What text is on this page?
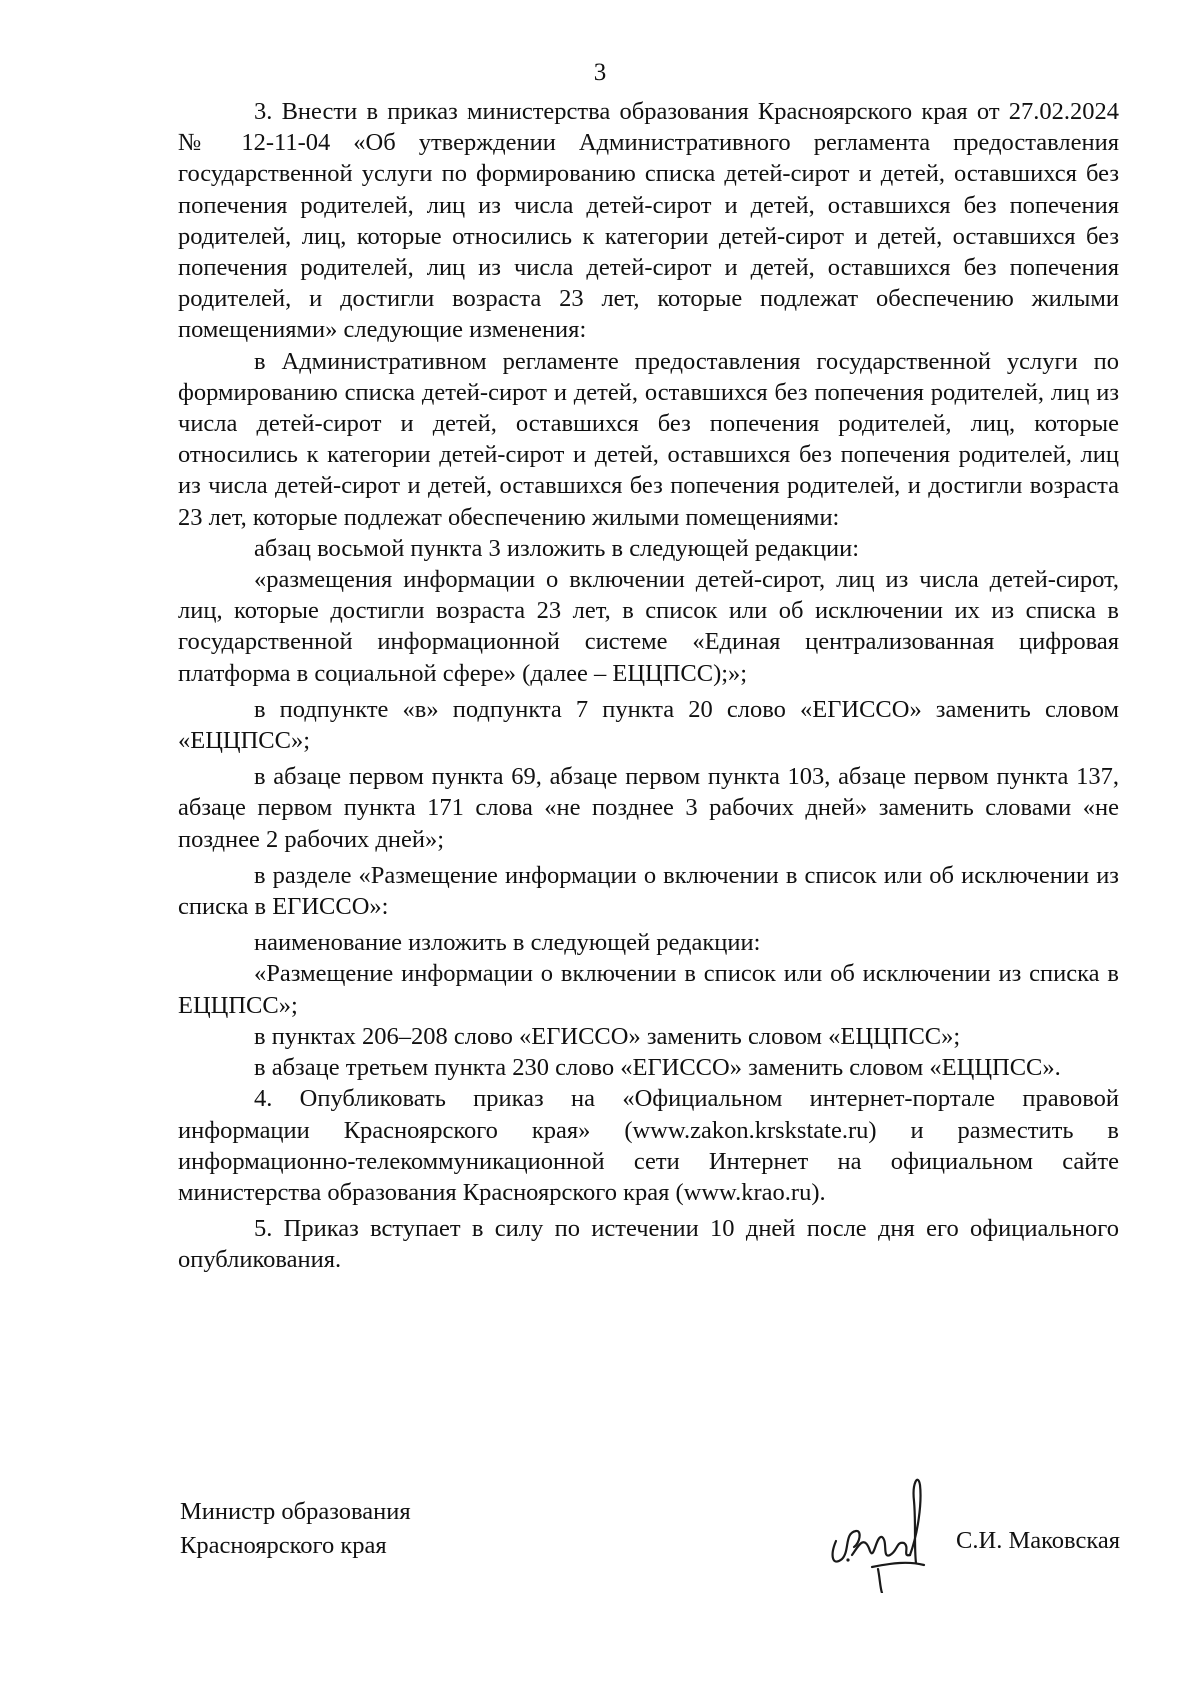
3

3. Внести в приказ министерства образования Красноярского края от 27.02.2024 № 12-11-04 «Об утверждении Административного регламента предоставления государственной услуги по формированию списка детей-сирот и детей, оставшихся без попечения родителей, лиц из числа детей-сирот и детей, оставшихся без попечения родителей, лиц, которые относились к категории детей-сирот и детей, оставшихся без попечения родителей, лиц из числа детей-сирот и детей, оставшихся без попечения родителей, и достигли возраста 23 лет, которые подлежат обеспечению жилыми помещениями» следующие изменения:

в Административном регламенте предоставления государственной услуги по формированию списка детей-сирот и детей, оставшихся без попечения родителей, лиц из числа детей-сирот и детей, оставшихся без попечения родителей, лиц, которые относились к категории детей-сирот и детей, оставшихся без попечения родителей, лиц из числа детей-сирот и детей, оставшихся без попечения родителей, и достигли возраста 23 лет, которые подлежат обеспечению жилыми помещениями:

абзац восьмой пункта 3 изложить в следующей редакции:

«размещения информации о включении детей-сирот, лиц из числа детей-сирот, лиц, которые достигли возраста 23 лет, в список или об исключении их из списка в государственной информационной системе «Единая централизованная цифровая платформа в социальной сфере» (далее – ЕЦЦПСС);»;

в подпункте «в» подпункта 7 пункта 20 слово «ЕГИССО» заменить словом «ЕЦЦПСС»;

в абзаце первом пункта 69, абзаце первом пункта 103, абзаце первом пункта 137, абзаце первом пункта 171 слова «не позднее 3 рабочих дней» заменить словами «не позднее 2 рабочих дней»;

в разделе «Размещение информации о включении в список или об исключении из списка в ЕГИССО»:

наименование изложить в следующей редакции:

«Размещение информации о включении в список или об исключении из списка в ЕЦЦПСС»;

в пунктах 206–208 слово «ЕГИССО» заменить словом «ЕЦЦПСС»;

в абзаце третьем пункта 230 слово «ЕГИССО» заменить словом «ЕЦЦПСС».

4. Опубликовать приказ на «Официальном интернет-портале правовой информации Красноярского края» (www.zakon.krskstate.ru) и разместить в информационно-телекоммуникационной сети Интернет на официальном сайте министерства образования Красноярского края (www.krao.ru).

5. Приказ вступает в силу по истечении 10 дней после дня его официального опубликования.

Министр образования
Красноярского края	С.И. Маковская
